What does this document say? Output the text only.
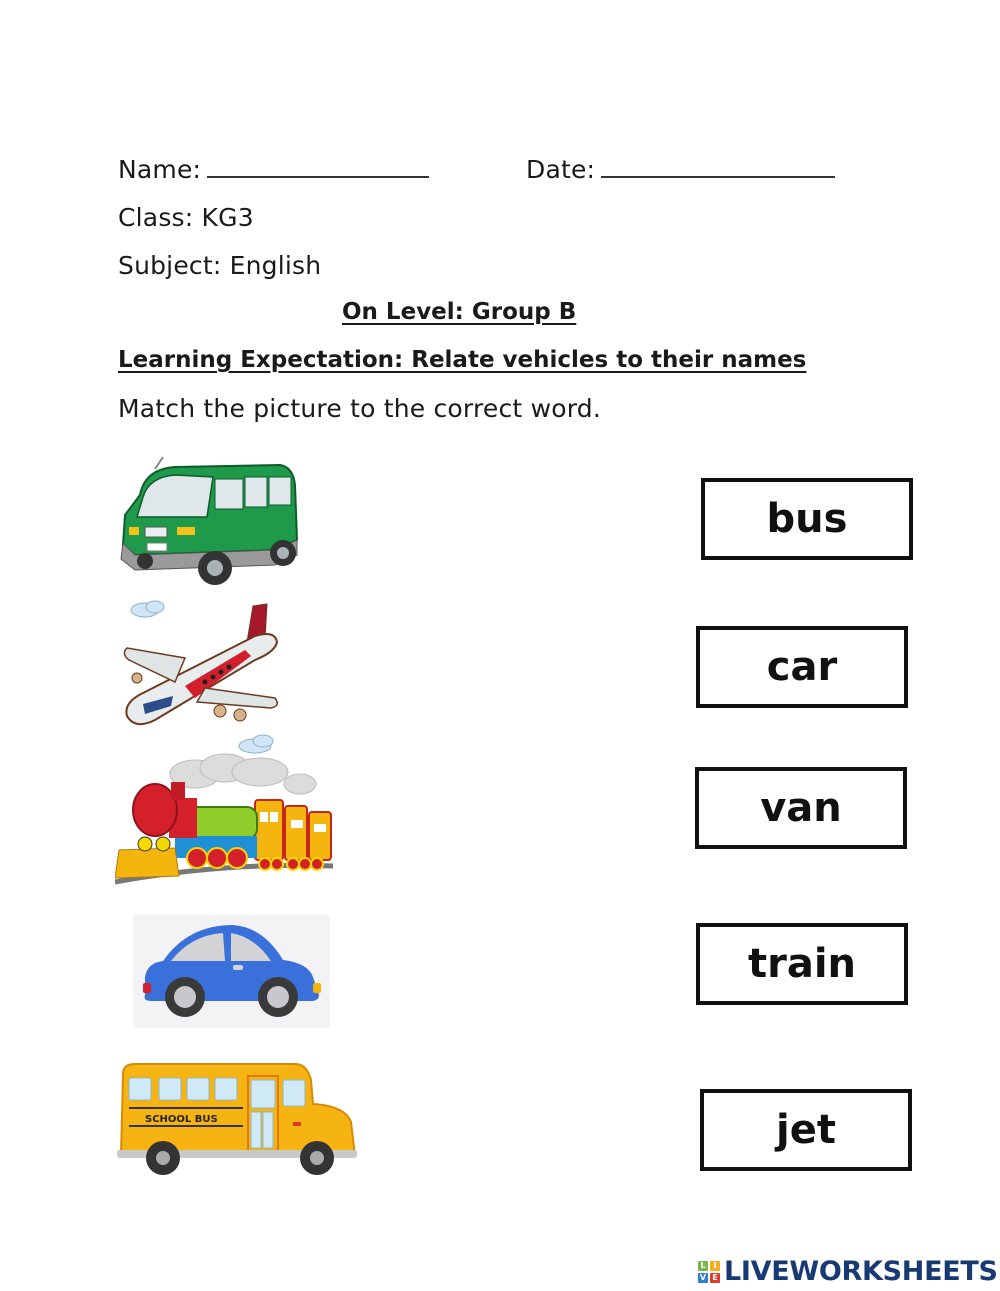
Name:	Date:
Class: KG3
Subject: English
On Level: Group B
Learning Expectation: Relate vehicles to their names
Match the picture to the correct word.
SCHOOL BUS
bus
car
van
train
jet
L I
V E LIVEWORKSHEETS
